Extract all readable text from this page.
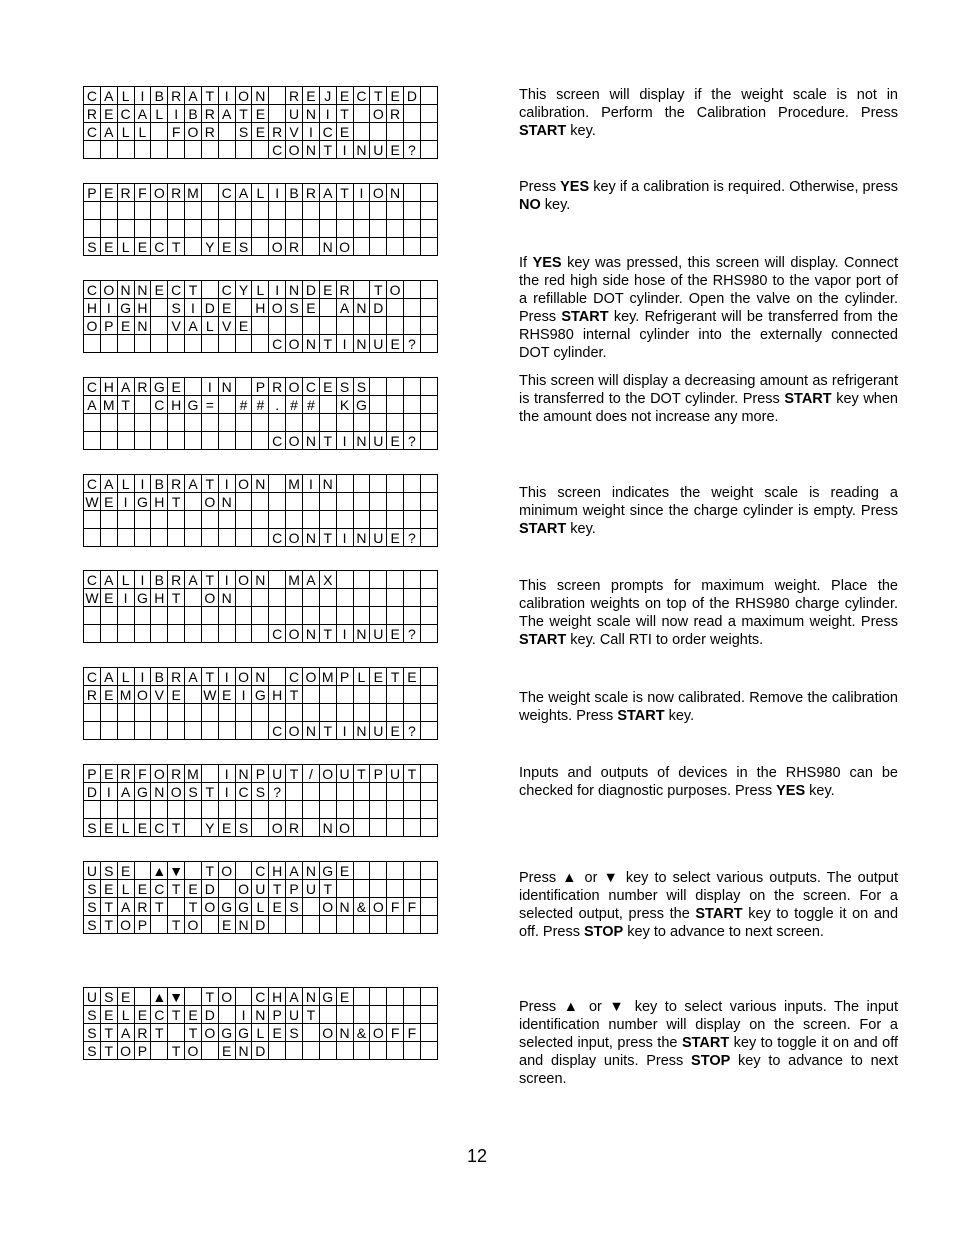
C	A	L	I	B	R	A	T	I	O	N		R	E	J	E	C	T	E	D	
R	E	C	A	L	I	B	R	A	T	E		U	N	I	T		O	R		
C	A	L	L		F	O	R		S	E	R	V	I	C	E					
											C	O	N	T	I	N	U	E	?	

This screen will display if the weight scale is not in calibration. Perform the Calibration Procedure. Press START key.

P	E	R	F	O	R	M		C	A	L	I	B	R	A	T	I	O	N		

S	E	L	E	C	T		Y	E	S		O	R		N	O					

Press YES key if a calibration is required. Otherwise, press NO key.

C	O	N	N	E	C	T		C	Y	L	I	N	D	E	R		T	O		
H	I	G	H		S	I	D	E		H	O	S	E		A	N	D			
O	P	E	N		V	A	L	V	E											
											C	O	N	T	I	N	U	E	?	

If YES key was pressed, this screen will display. Connect the red high side hose of the RHS980 to the vapor port of a refillable DOT cylinder. Open the valve on the cylinder. Press START key. Refrigerant will be transferred from the RHS980 internal cylinder into the externally connected DOT cylinder.

C	H	A	R	G	E		I	N		P	R	O	C	E	S	S				
A	M	T		C	H	G	=		#	#	.	#	#		K	G				

											C	O	N	T	I	N	U	E	?	

This screen will display a decreasing amount as refrigerant is transferred to the DOT cylinder. Press START key when the amount does not increase any more.

C	A	L	I	B	R	A	T	I	O	N		M	I	N						
W	E	I	G	H	T		O	N												

											C	O	N	T	I	N	U	E	?	

This screen indicates the weight scale is reading a minimum weight since the charge cylinder is empty. Press START key.

C	A	L	I	B	R	A	T	I	O	N		M	A	X						
W	E	I	G	H	T		O	N												

											C	O	N	T	I	N	U	E	?	

This screen prompts for maximum weight. Place the calibration weights on top of the RHS980 charge cylinder. The weight scale will now read a maximum weight. Press START key. Call RTI to order weights.

C	A	L	I	B	R	A	T	I	O	N		C	O	M	P	L	E	T	E	
R	E	M	O	V	E		W	E	I	G	H	T								

											C	O	N	T	I	N	U	E	?	

The weight scale is now calibrated. Remove the calibration weights. Press START key.

P	E	R	F	O	R	M		I	N	P	U	T	/	O	U	T	P	U	T	
D	I	A	G	N	O	S	T	I	C	S	?									

S	E	L	E	C	T		Y	E	S		O	R		N	O					

Inputs and outputs of devices in the RHS980 can be checked for diagnostic purposes. Press YES key.

U	S	E		▲	▼		T	O		C	H	A	N	G	E					
S	E	L	E	C	T	E	D		O	U	T	P	U	T						
S	T	A	R	T		T	O	G	G	L	E	S		O	N	&	O	F	F	
S	T	O	P		T	O		E	N	D										

Press ▲ or ▼ key to select various outputs. The output identification number will display on the screen. For a selected output, press the START key to toggle it on and off. Press STOP key to advance to next screen.

U	S	E		▲	▼		T	O		C	H	A	N	G	E					
S	E	L	E	C	T	E	D		I	N	P	U	T							
S	T	A	R	T		T	O	G	G	L	E	S		O	N	&	O	F	F	
S	T	O	P		T	O		E	N	D										

Press ▲ or ▼ key to select various inputs. The input identification number will display on the screen. For a selected input, press the START key to toggle it on and off and display units. Press STOP key to advance to next screen.

12
